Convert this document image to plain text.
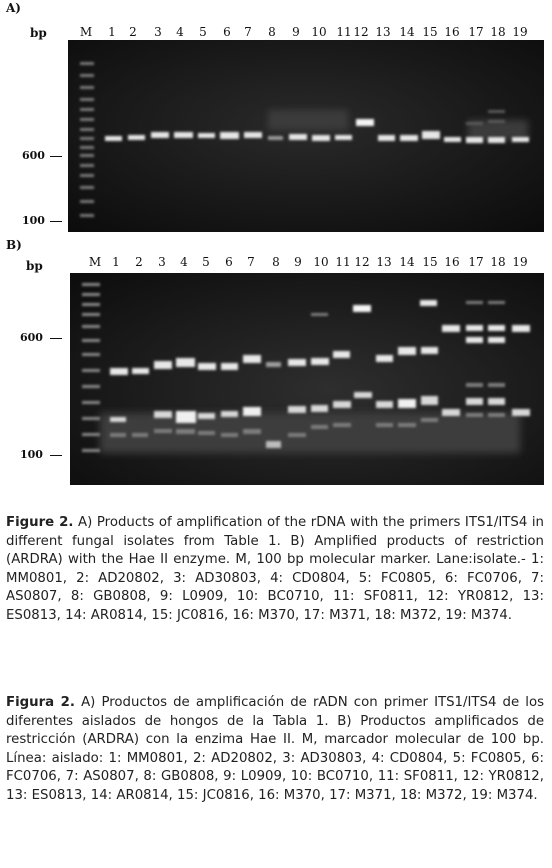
A)
bp	M	1	2	3	4	5	6	7	8	9 10 11 12 13 14 15 16 17 18 19
600
100
B)
bp	M 1	2	3	4	5	6	7	8	9 10 11 12 13 14 15 16 17 18 19
600
100

Figure 2. A) Products of amplification of the rDNA with the primers ITS1/ITS4 in different fungal isolates from Table 1. B) Amplified products of restriction (ARDRA) with the Hae II enzyme. M, 100 bp molecular marker. Lane:isolate.- 1: MM0801, 2: AD20802, 3: AD30803, 4: CD0804, 5: FC0805, 6: FC0706, 7: AS0807, 8: GB0808, 9: L0909, 10: BC0710, 11: SF0811, 12: YR0812, 13: ES0813, 14: AR0814, 15: JC0816, 16: M370, 17: M371, 18: M372, 19: M374.

Figura 2. A) Productos de amplificación de rADN con primer ITS1/ITS4 de los diferentes aislados de hongos de la Tabla 1. B) Productos amplificados de restricción (ARDRA) con la enzima Hae II. M, marcador molecular de 100 bp. Línea: aislado: 1: MM0801, 2: AD20802, 3: AD30803, 4: CD0804, 5: FC0805, 6: FC0706, 7: AS0807, 8: GB0808, 9: L0909, 10: BC0710, 11: SF0811, 12: YR0812, 13: ES0813, 14: AR0814, 15: JC0816, 16: M370, 17: M371, 18: M372, 19: M374.
